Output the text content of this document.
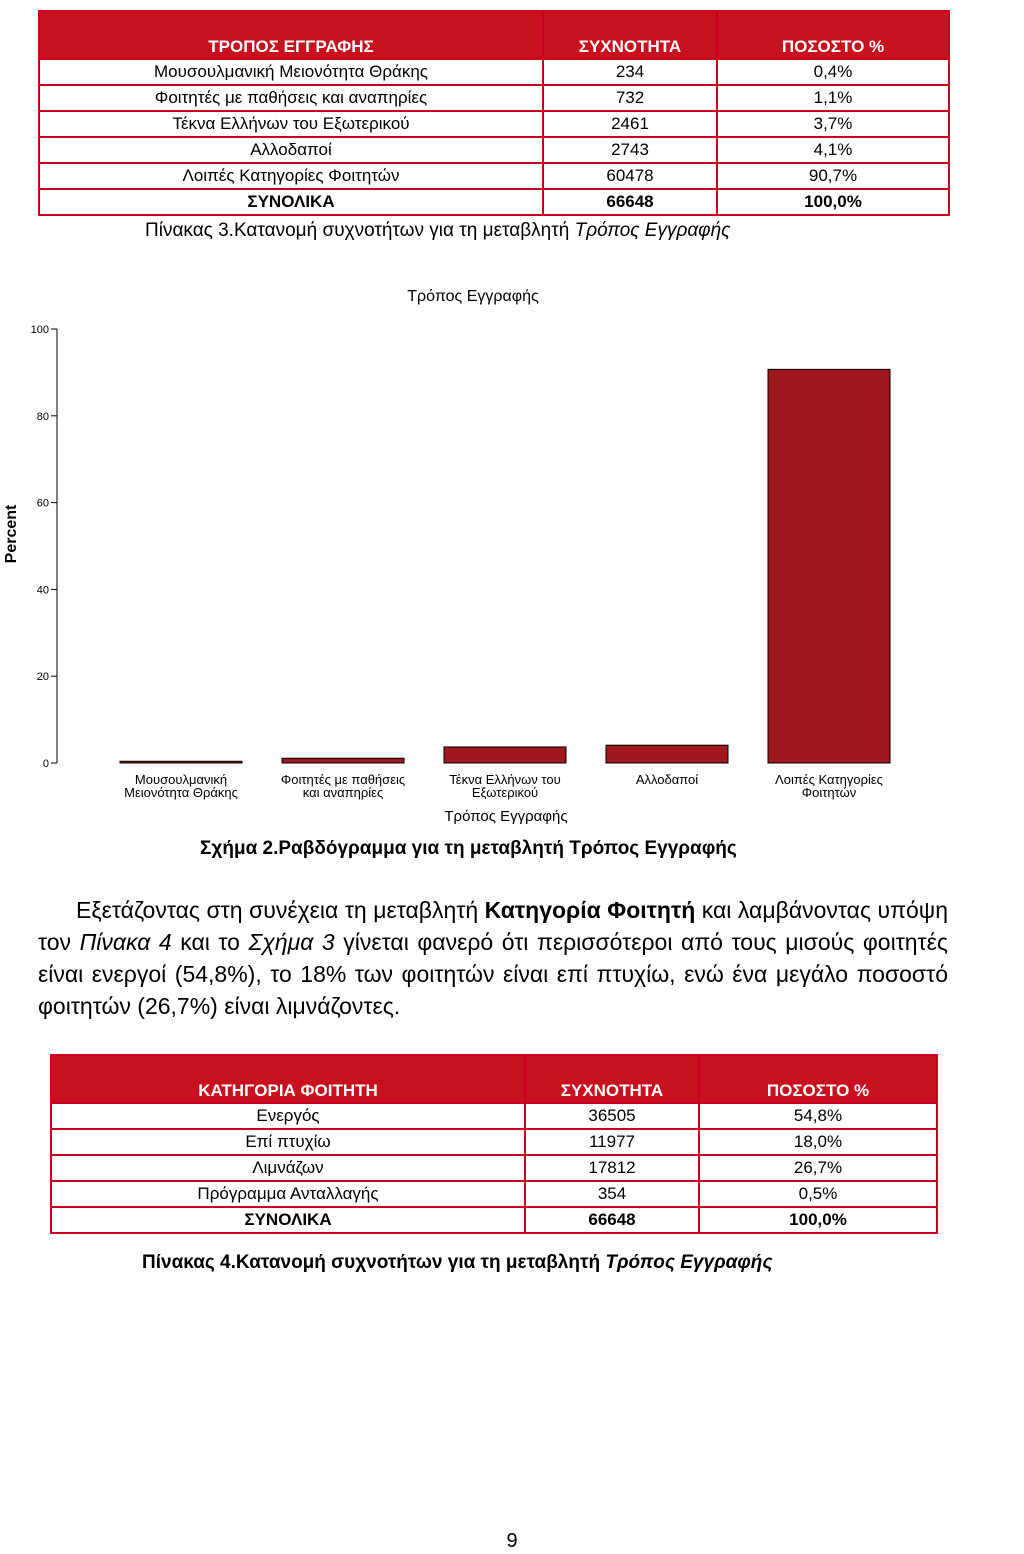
ΤΡΟΠΟΣ ΕΓΓΡΑΦΗΣ	ΣΥΧΝΟΤΗΤΑ	ΠΟΣΟΣΤΟ %
Μουσουλμανική Μειονότητα Θράκης	234	0,4%
Φοιτητές με παθήσεις και αναπηρίες	732	1,1%
Τέκνα Ελλήνων του Εξωτερικού	2461	3,7%
Αλλοδαποί	2743	4,1%
Λοιπές Κατηγορίες Φοιτητών	60478	90,7%
ΣΥΝΟΛΙΚΑ	66648	100,0%
Πίνακας 3.Κατανομή συχνοτήτων για τη μεταβλητή Τρόπος Εγγραφής
Τρόπος Εγγραφής
Percent
0
20
40
60
80
100
Μουσουλμανική
Μειονότητα Θράκης
Φοιτητές με παθήσεις
και αναπηρίες
Τέκνα Ελλήνων του
Εξωτερικού
Αλλοδαποί	Λοιπές Κατηγορίες
Φοιτητών
Τρόπος Εγγραφής
Σχήμα 2.Ραβδόγραμμα για τη μεταβλητή Τρόπος Εγγραφής
Εξετάζοντας στη συνέχεια τη μεταβλητή Κατηγορία Φοιτητή και λαμβάνοντας υπόψη τον Πίνακα 4 και το Σχήμα 3 γίνεται φανερό ότι περισσότεροι από τους μισούς φοιτητές είναι ενεργοί (54,8%), το 18% των φοιτητών είναι επί πτυχίω, ενώ ένα μεγάλο ποσοστό φοιτητών (26,7%) είναι λιμνάζοντες.

ΚΑΤΗΓΟΡΙΑ ΦΟΙΤΗΤΗ	ΣΥΧΝΟΤΗΤΑ	ΠΟΣΟΣΤΟ %
Ενεργός	36505	54,8%
Επί πτυχίω	11977	18,0%
Λιμνάζων	17812	26,7%
Πρόγραμμα Ανταλλαγής	354	0,5%
ΣΥΝΟΛΙΚΑ	66648	100,0%
Πίνακας 4.Κατανομή συχνοτήτων για τη μεταβλητή Τρόπος Εγγραφής
9
